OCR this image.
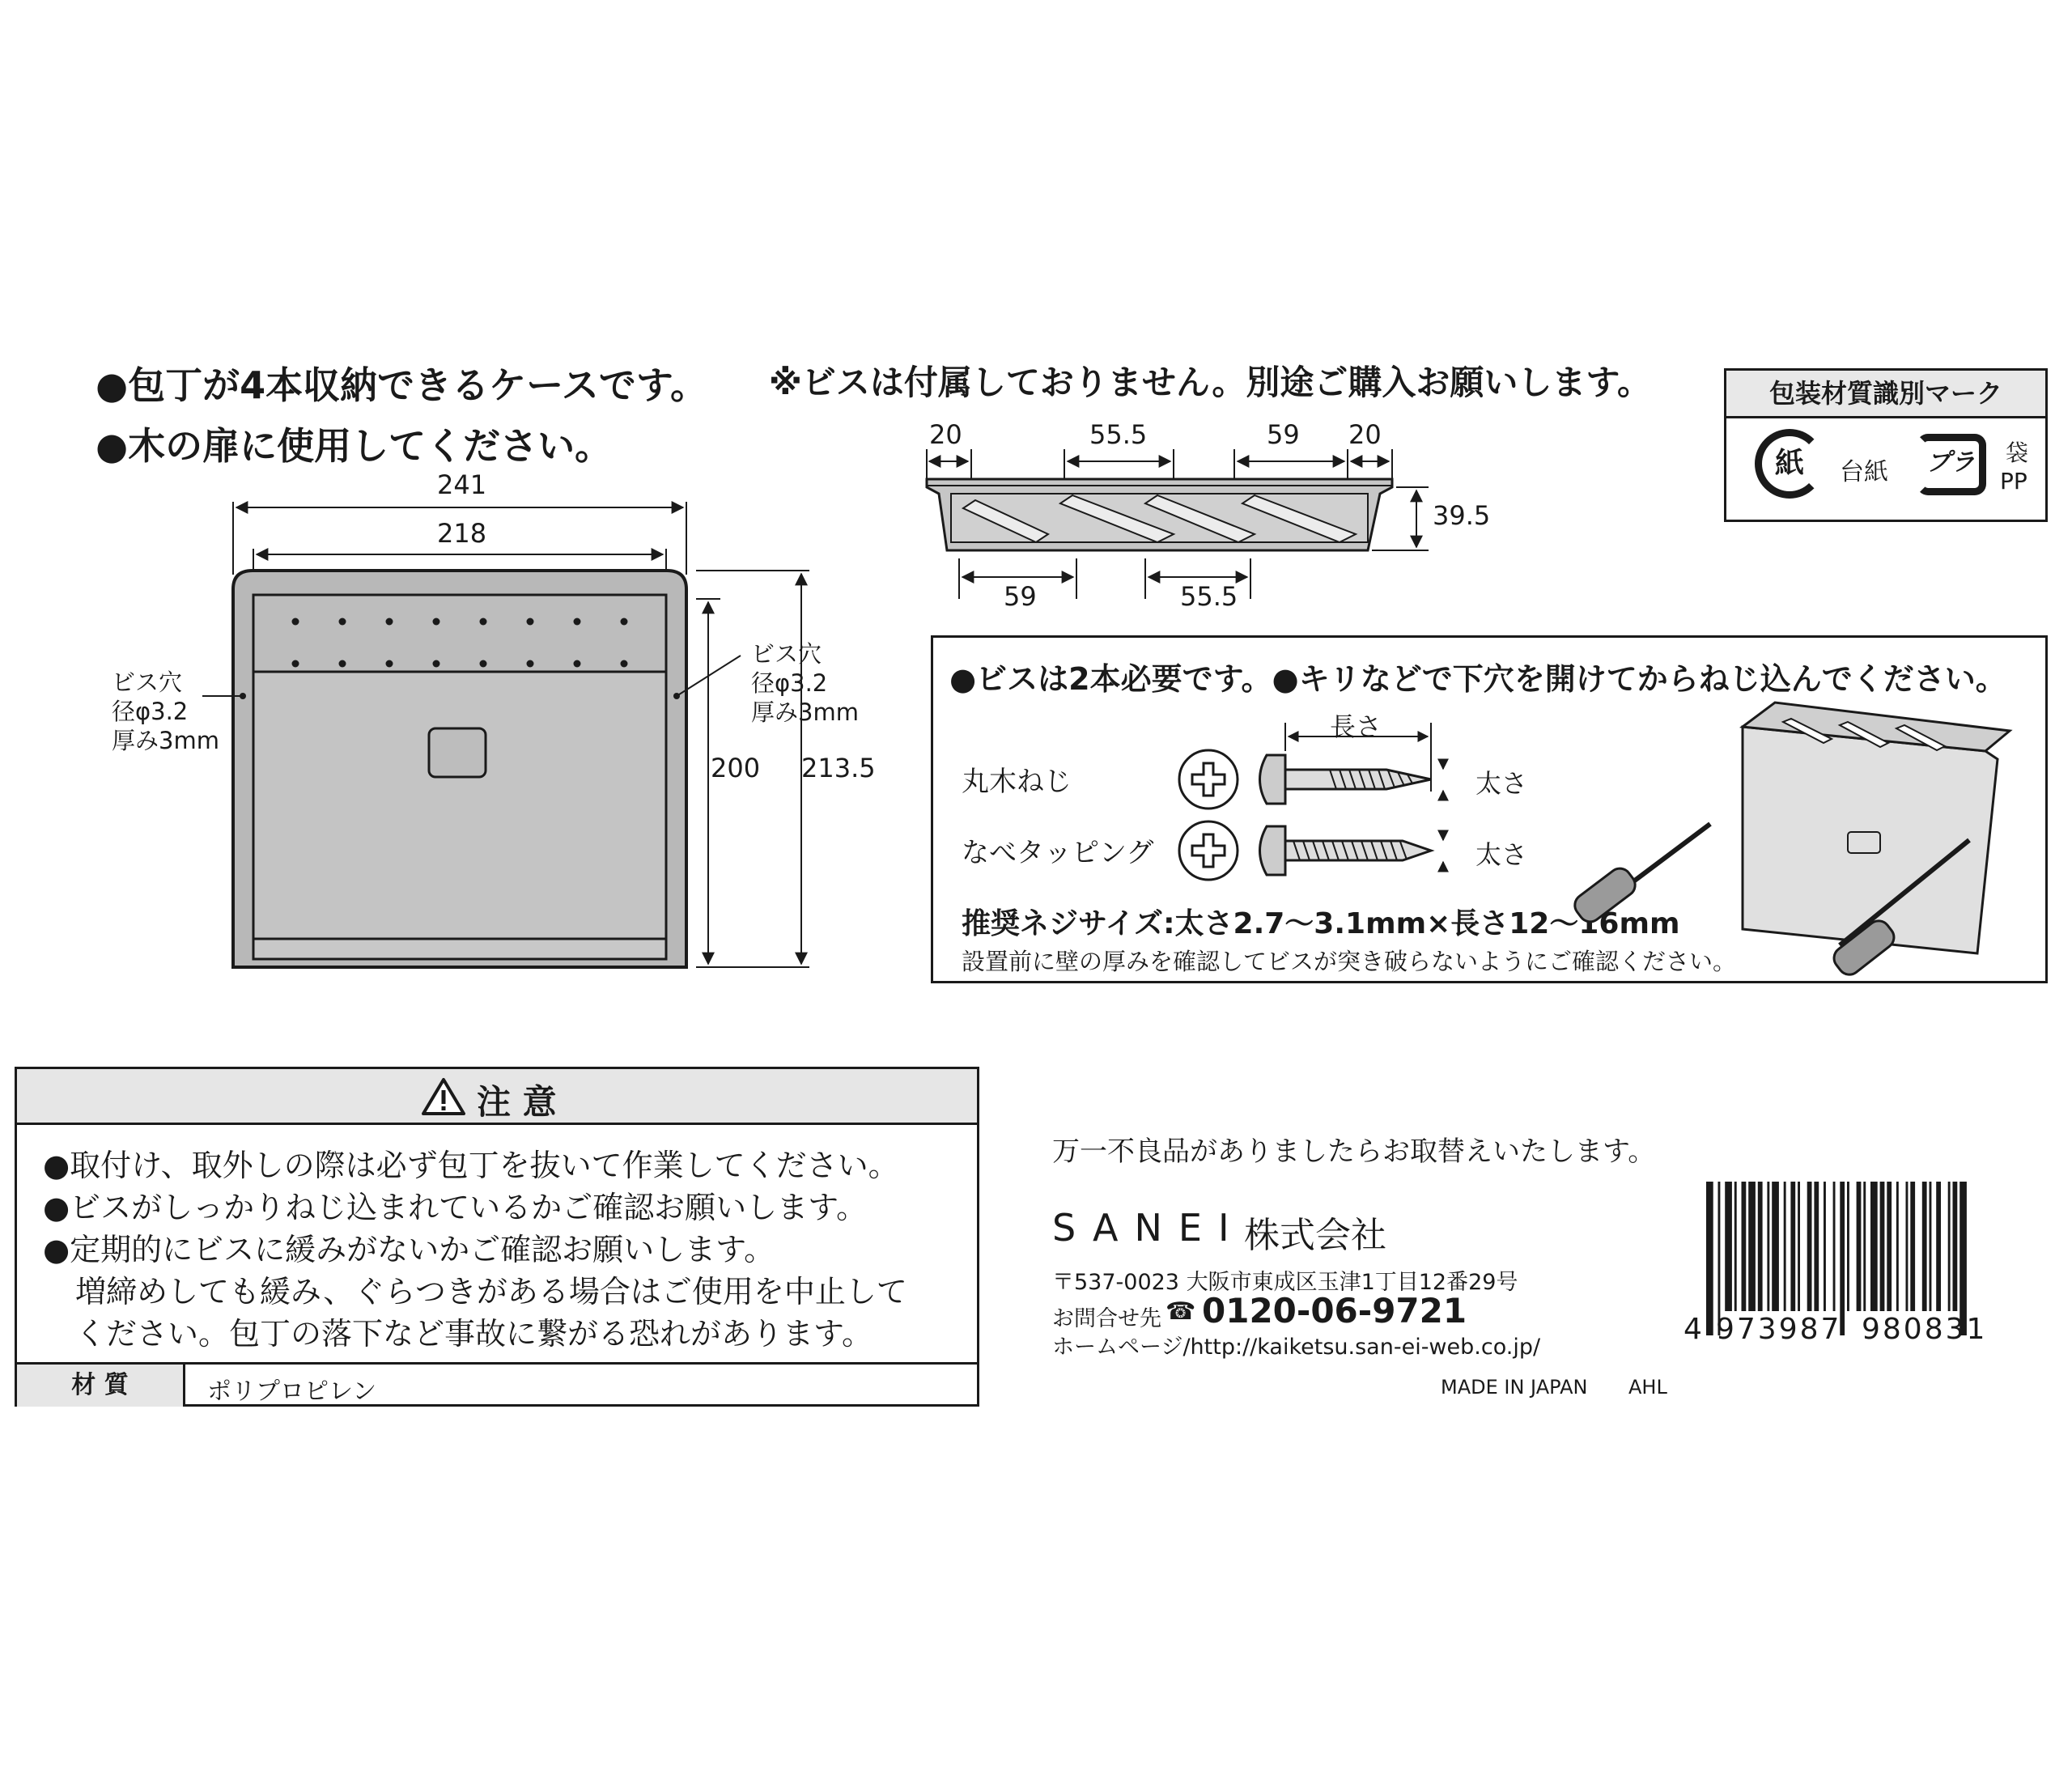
●包丁が4本収納できるケースです。 ※ビスは付属しておりません。別途ご購入お願いします。
●木の扉に使用してください。
241
218
200 213.5
ビス穴
径φ3.2
厚み3mm
ビス穴
径φ3.2
厚み3mm
20	55.5	59 20
59	55.5
39.5
包装材質識別マーク
紙	台紙	プラ	袋
PP
●ビスは2本必要です。●キリなどで下穴を開けてからねじ込んでください。
丸木ねじ
なべタッピング
長さ
太さ
太さ
推奨ネジサイズ:太さ2.7～3.1mm×長さ12～16mm
設置前に壁の厚みを確認してビスが突き破らないようにご確認ください。
注 意
●取付け、取外しの際は必ず包丁を抜いて作業してください。
●ビスがしっかりねじ込まれているかご確認お願いします。
●定期的にビスに緩みがないかご確認お願いします。
増締めしても緩み、ぐらつきがある場合はご使用を中止して
ください。包丁の落下など事故に繋がる恐れがあります。
材 質	ポリプロピレン
万一不良品がありましたらお取替えいたします。
SANEI
株式会社
〒537-0023 大阪市東成区玉津1丁目12番29号
お問合せ先 ☎ 0120-06-9721
ホームページ/http://kaiketsu.san-ei-web.co.jp/
MADE IN JAPAN AHL
4 973987 980831
